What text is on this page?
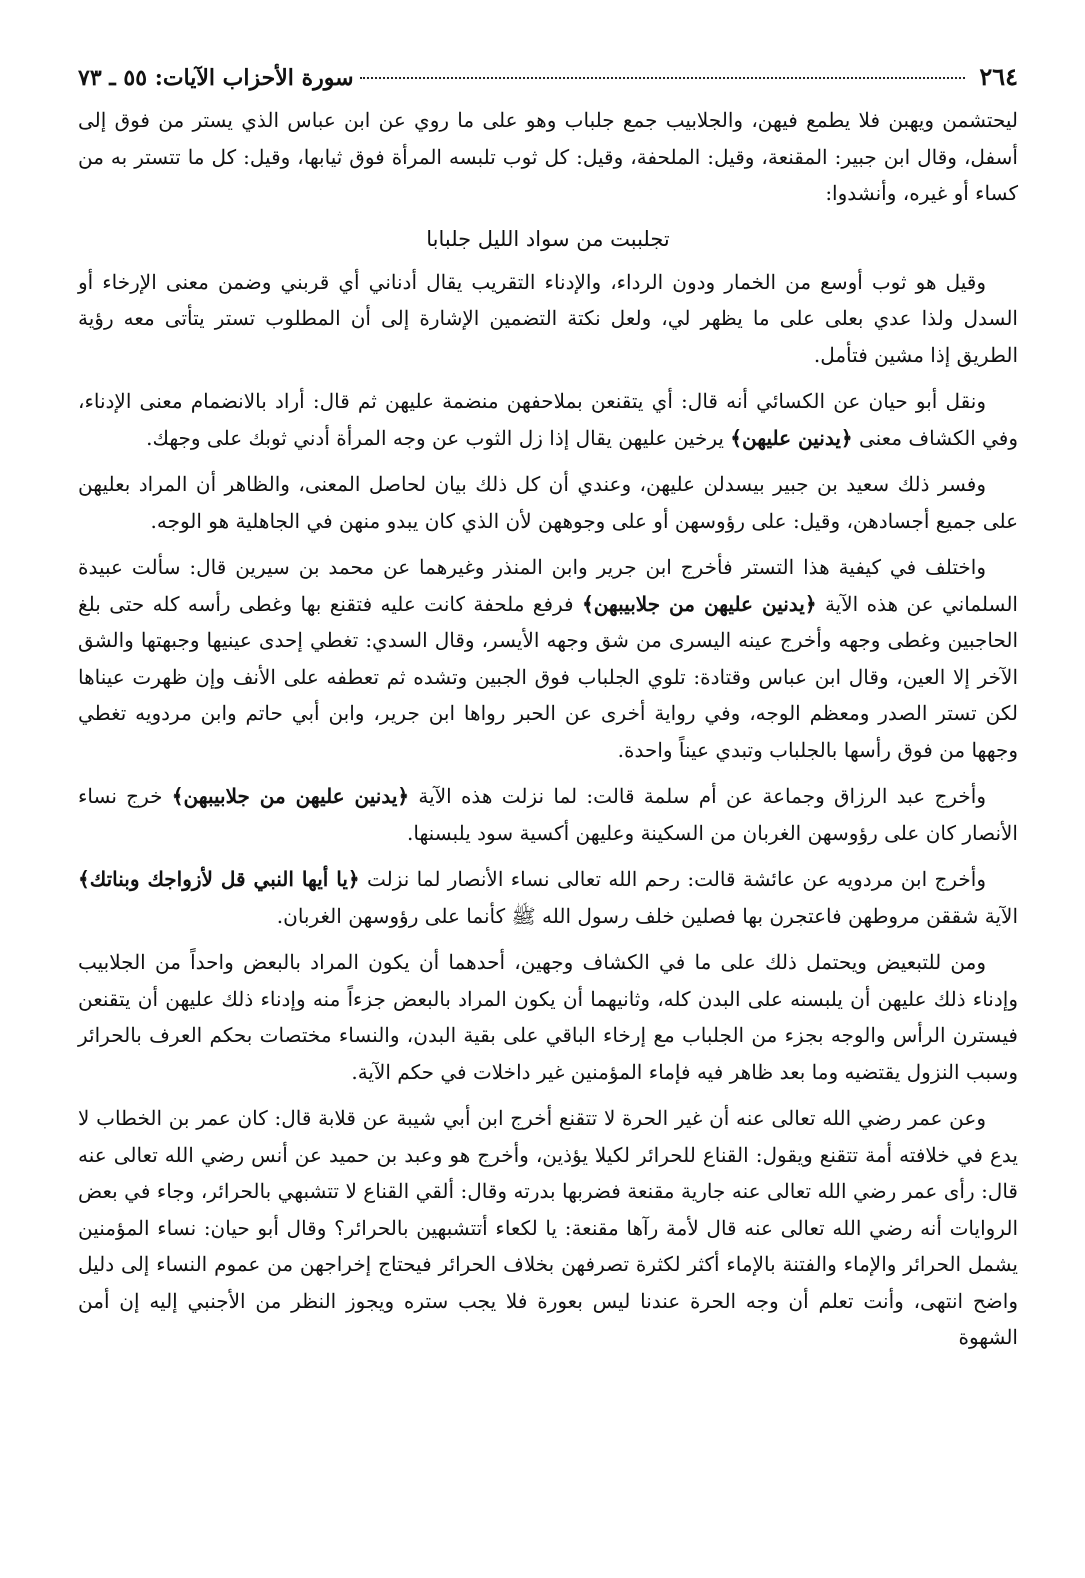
٢٦٤
سورة الأحزاب الآيات: ٥٥ ـ ٧٣

ليحتشمن ويهبن فلا يطمع فيهن، والجلابيب جمع جلباب وهو على ما روي عن ابن عباس الذي يستر من فوق إلى أسفل، وقال ابن جبير: المقنعة، وقيل: الملحفة، وقيل: كل ثوب تلبسه المرأة فوق ثيابها، وقيل: كل ما تتستر به من كساء أو غيره، وأنشدوا:

تجلببت من سواد الليل جلبابا

وقيل هو ثوب أوسع من الخمار ودون الرداء، والإدناء التقريب يقال أدناني أي قربني وضمن معنى الإرخاء أو السدل ولذا عدي بعلى على ما يظهر لي، ولعل نكتة التضمين الإشارة إلى أن المطلوب تستر يتأتى معه رؤية الطريق إذا مشين فتأمل.

ونقل أبو حيان عن الكسائي أنه قال: أي يتقنعن بملاحفهن منضمة عليهن ثم قال: أراد بالانضمام معنى الإدناء، وفي الكشاف معنى ﴿يدنين عليهن﴾ يرخين عليهن يقال إذا زل الثوب عن وجه المرأة أدني ثوبك على وجهك.

وفسر ذلك سعيد بن جبير بيسدلن عليهن، وعندي أن كل ذلك بيان لحاصل المعنى، والظاهر أن المراد بعليهن على جميع أجسادهن، وقيل: على رؤوسهن أو على وجوههن لأن الذي كان يبدو منهن في الجاهلية هو الوجه.

واختلف في كيفية هذا التستر فأخرج ابن جرير وابن المنذر وغيرهما عن محمد بن سيرين قال: سألت عبيدة السلماني عن هذه الآية ﴿يدنين عليهن من جلابيبهن﴾ فرفع ملحفة كانت عليه فتقنع بها وغطى رأسه كله حتى بلغ الحاجبين وغطى وجهه وأخرج عينه اليسرى من شق وجهه الأيسر، وقال السدي: تغطي إحدى عينيها وجبهتها والشق الآخر إلا العين، وقال ابن عباس وقتادة: تلوي الجلباب فوق الجبين وتشده ثم تعطفه على الأنف وإن ظهرت عيناها لكن تستر الصدر ومعظم الوجه، وفي رواية أخرى عن الحبر رواها ابن جرير، وابن أبي حاتم وابن مردويه تغطي وجهها من فوق رأسها بالجلباب وتبدي عيناً واحدة.

وأخرج عبد الرزاق وجماعة عن أم سلمة قالت: لما نزلت هذه الآية ﴿يدنين عليهن من جلابيبهن﴾ خرج نساء الأنصار كان على رؤوسهن الغربان من السكينة وعليهن أكسية سود يلبسنها.

وأخرج ابن مردويه عن عائشة قالت: رحم الله تعالى نساء الأنصار لما نزلت ﴿يا أيها النبي قل لأزواجك وبناتك﴾ الآية شققن مروطهن فاعتجرن بها فصلين خلف رسول الله ﷺ كأنما على رؤوسهن الغربان.

ومن للتبعيض ويحتمل ذلك على ما في الكشاف وجهين، أحدهما أن يكون المراد بالبعض واحداً من الجلابيب وإدناء ذلك عليهن أن يلبسنه على البدن كله، وثانيهما أن يكون المراد بالبعض جزءاً منه وإدناء ذلك عليهن أن يتقنعن فيسترن الرأس والوجه بجزء من الجلباب مع إرخاء الباقي على بقية البدن، والنساء مختصات بحكم العرف بالحرائر وسبب النزول يقتضيه وما بعد ظاهر فيه فإماء المؤمنين غير داخلات في حكم الآية.

وعن عمر رضي الله تعالى عنه أن غير الحرة لا تتقنع أخرج ابن أبي شيبة عن قلابة قال: كان عمر بن الخطاب لا يدع في خلافته أمة تتقنع ويقول: القناع للحرائر لكيلا يؤذين، وأخرج هو وعبد بن حميد عن أنس رضي الله تعالى عنه قال: رأى عمر رضي الله تعالى عنه جارية مقنعة فضربها بدرته وقال: ألقي القناع لا تتشبهي بالحرائر، وجاء في بعض الروايات أنه رضي الله تعالى عنه قال لأمة رآها مقنعة: يا لكعاء أتتشبهين بالحرائر؟ وقال أبو حيان: نساء المؤمنين يشمل الحرائر والإماء والفتنة بالإماء أكثر لكثرة تصرفهن بخلاف الحرائر فيحتاج إخراجهن من عموم النساء إلى دليل واضح انتهى، وأنت تعلم أن وجه الحرة عندنا ليس بعورة فلا يجب ستره ويجوز النظر من الأجنبي إليه إن أمن الشهوة
